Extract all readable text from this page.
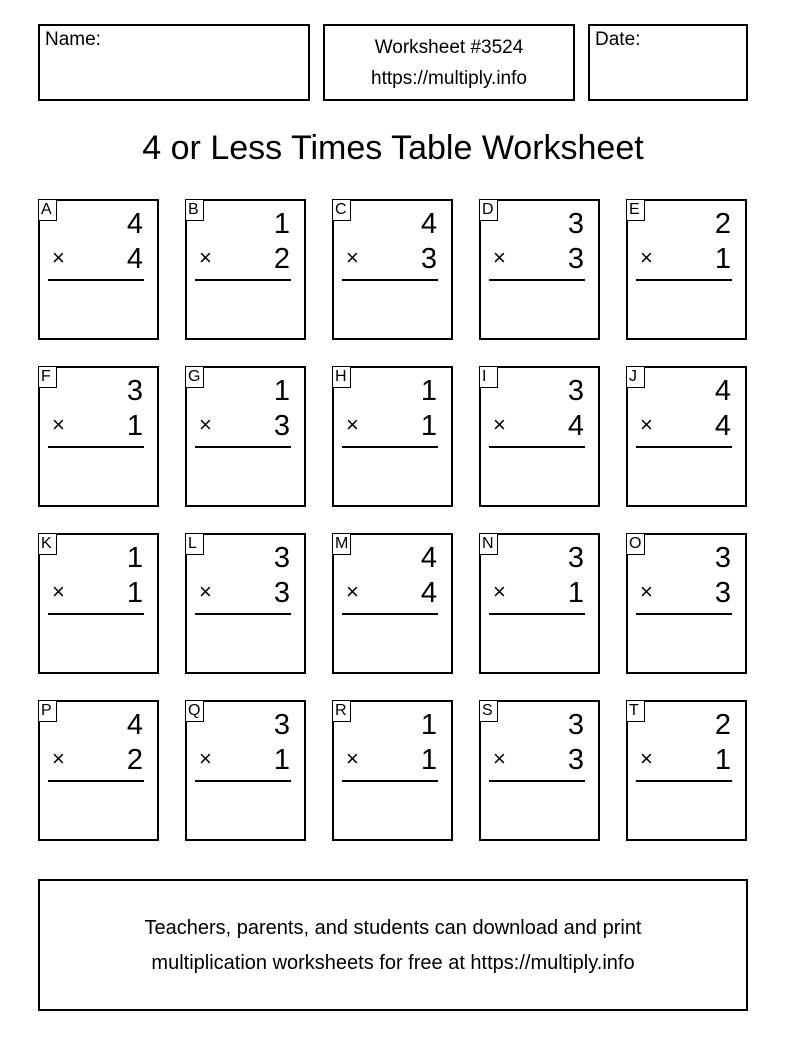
Name:	Worksheet #3524
https://multiply.info
Date:
4 or Less Times Table Worksheet
A	4
× 4
B	1
× 2
C	4
× 3
D	3
× 3
E	2
× 1
F	3
× 1
G	1
× 3
H	1
× 1
I	3
× 4
J	4
× 4
K	1
× 1
L	3
× 3
M	4
× 4
N	3
× 1
O	3
× 3
P	4
× 2
Q	3
× 1
R	1
× 1
S	3
× 3
T	2
× 1
Teachers, parents, and students can download and print
multiplication worksheets for free at https://multiply.info
